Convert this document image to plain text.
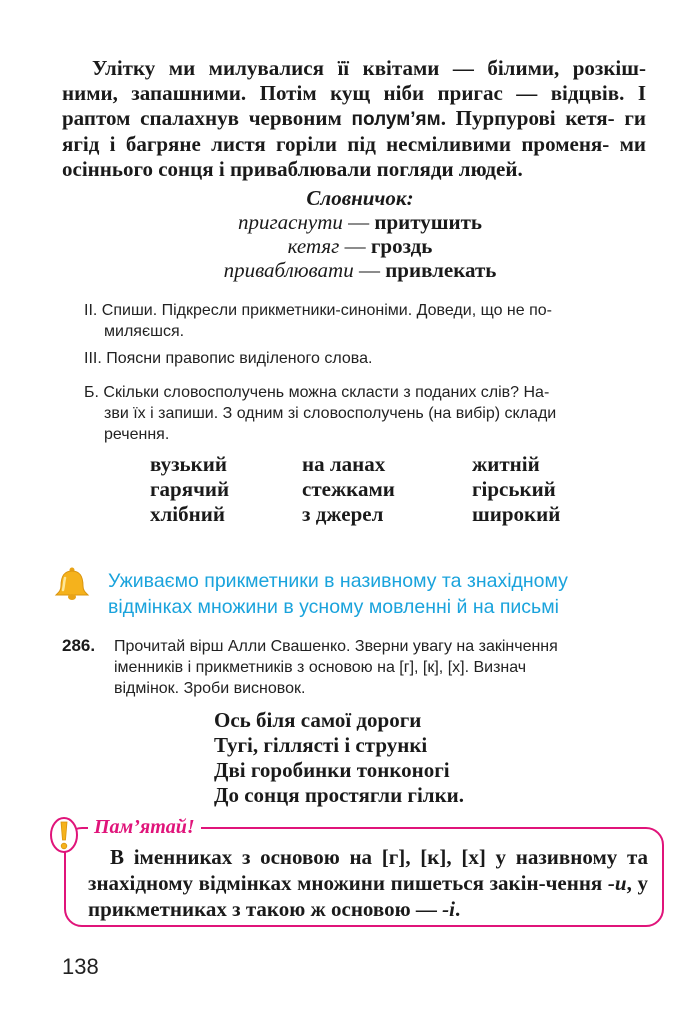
Улітку ми милувалися її квітами — білими, розкіш- ними, запашними. Потім кущ ніби пригас — відцвів. І раптом спалахнув червоним полум’ям. Пурпурові кетя- ги ягід і багряне листя горіли під несміливими променя- ми осіннього сонця і приваблювали погляди людей.
Словничок:
пригаснути — притушить
кетяг — гроздь
приваблювати — привлекать
ІІ. Спиши. Підкресли прикметники-синоніми. Доведи, що не по-
миляєшся.
ІІІ. Поясни правопис виділеного слова.
Б. Скільки словосполучень можна скласти з поданих слів? На-
зви їх і запиши. З одним зі словосполучень (на вибір) склади
речення.
вузький
гарячий
хлібний
на ланах
стежками
з джерел
житній
гірський
широкий
Уживаємо прикметники в називному та знахідному
відмінках множини в усному мовленні й на письмі
286. Прочитай вірш Алли Свашенко. Зверни увагу на закінчення
іменників і прикметників з основою на [г], [к], [х]. Визнач
відмінок. Зроби висновок.
Ось біля самої дороги
Тугі, гіллясті і стрункі
Дві горобинки тонконогі
До сонця простягли гілки.
Пам’ятай!
В іменниках з основою на [г], [к], [х] у називному та знахідному відмінках множини пишеться закін-чення -и, у прикметниках з такою ж основою — -і.
138
